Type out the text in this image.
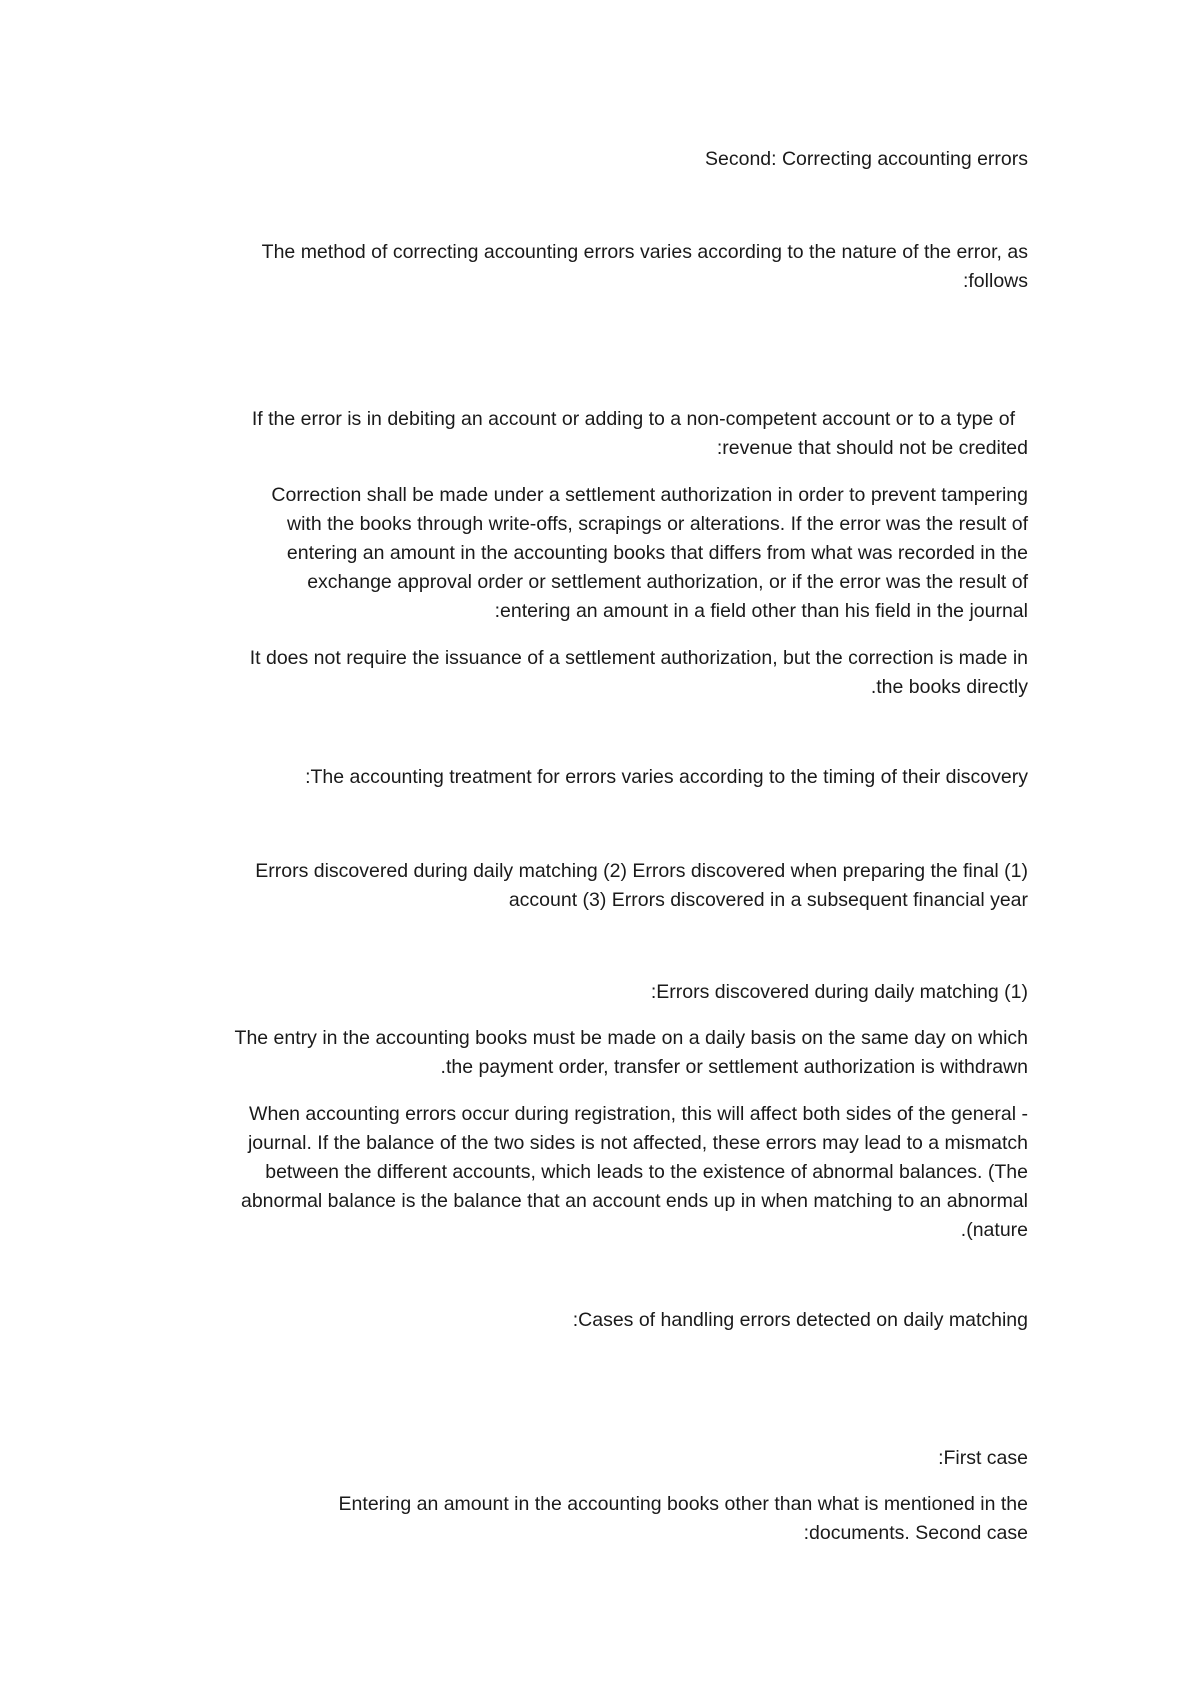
Second: Correcting accounting errors
The method of correcting accounting errors varies according to the nature of the error, as
:follows
If the error is in debiting an account or adding to a non-competent account or to a type of
:revenue that should not be credited
Correction shall be made under a settlement authorization in order to prevent tampering
with the books through write-offs, scrapings or alterations. If the error was the result of
entering an amount in the accounting books that differs from what was recorded in the
exchange approval order or settlement authorization, or if the error was the result of
:entering an amount in a field other than his field in the journal
It does not require the issuance of a settlement authorization, but the correction is made in
.the books directly
:The accounting treatment for errors varies according to the timing of their discovery
Errors discovered during daily matching (2) Errors discovered when preparing the final (1)
account (3) Errors discovered in a subsequent financial year
:Errors discovered during daily matching (1)
The entry in the accounting books must be made on a daily basis on the same day on which
.the payment order, transfer or settlement authorization is withdrawn
When accounting errors occur during registration, this will affect both sides of the general -
journal. If the balance of the two sides is not affected, these errors may lead to a mismatch
between the different accounts, which leads to the existence of abnormal balances. (The
abnormal balance is the balance that an account ends up in when matching to an abnormal
.(nature
:Cases of handling errors detected on daily matching
:First case
Entering an amount in the accounting books other than what is mentioned in the
:documents. Second case
